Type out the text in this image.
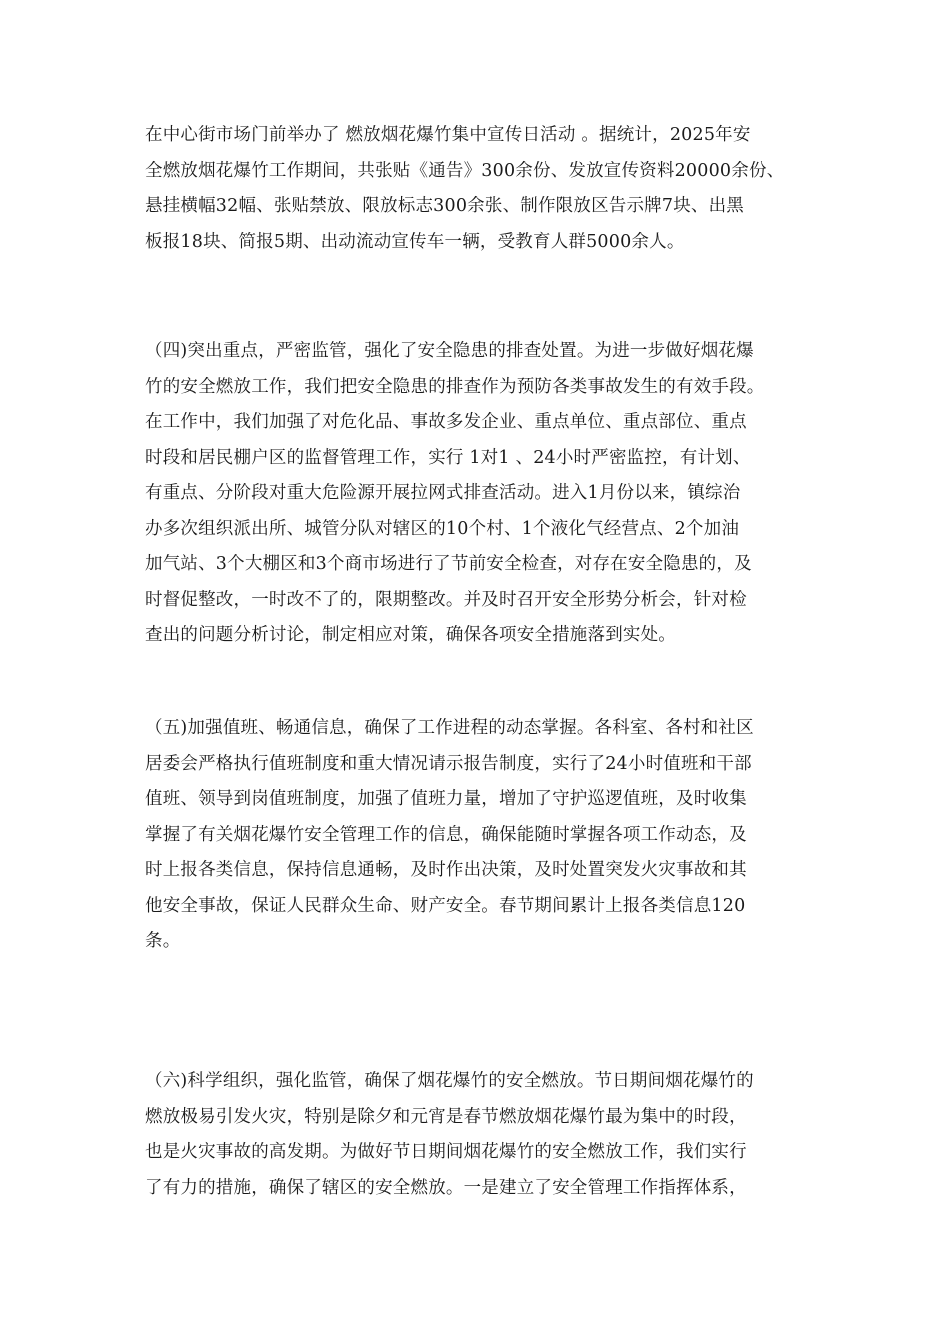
在中心街市场门前举办了 燃放烟花爆竹集中宣传日活动 。据统计，2025年安
全燃放烟花爆竹工作期间，共张贴《通告》300余份、发放宣传资料20000余份、
悬挂横幅32幅、张贴禁放、限放标志300余张、制作限放区告示牌7块、出黑
板报18块、简报5期、出动流动宣传车一辆，受教育人群5000余人。
（四)突出重点，严密监管，强化了安全隐患的排查处置。为进一步做好烟花爆
竹的安全燃放工作，我们把安全隐患的排查作为预防各类事故发生的有效手段。
在工作中，我们加强了对危化品、事故多发企业、重点单位、重点部位、重点
时段和居民棚户区的监督管理工作，实行 1对1 、24小时严密监控，有计划、
有重点、分阶段对重大危险源开展拉网式排查活动。进入1月份以来，镇综治
办多次组织派出所、城管分队对辖区的10个村、1个液化气经营点、2个加油
加气站、3个大棚区和3个商市场进行了节前安全检查，对存在安全隐患的，及
时督促整改，一时改不了的，限期整改。并及时召开安全形势分析会，针对检
查出的问题分析讨论，制定相应对策，确保各项安全措施落到实处。
（五)加强值班、畅通信息，确保了工作进程的动态掌握。各科室、各村和社区
居委会严格执行值班制度和重大情况请示报告制度，实行了24小时值班和干部
值班、领导到岗值班制度，加强了值班力量，增加了守护巡逻值班，及时收集
掌握了有关烟花爆竹安全管理工作的信息，确保能随时掌握各项工作动态，及
时上报各类信息，保持信息通畅，及时作出决策，及时处置突发火灾事故和其
他安全事故，保证人民群众生命、财产安全。春节期间累计上报各类信息120
条。
（六)科学组织，强化监管，确保了烟花爆竹的安全燃放。节日期间烟花爆竹的
燃放极易引发火灾，特别是除夕和元宵是春节燃放烟花爆竹最为集中的时段，
也是火灾事故的高发期。为做好节日期间烟花爆竹的安全燃放工作，我们实行
了有力的措施，确保了辖区的安全燃放。一是建立了安全管理工作指挥体系，
